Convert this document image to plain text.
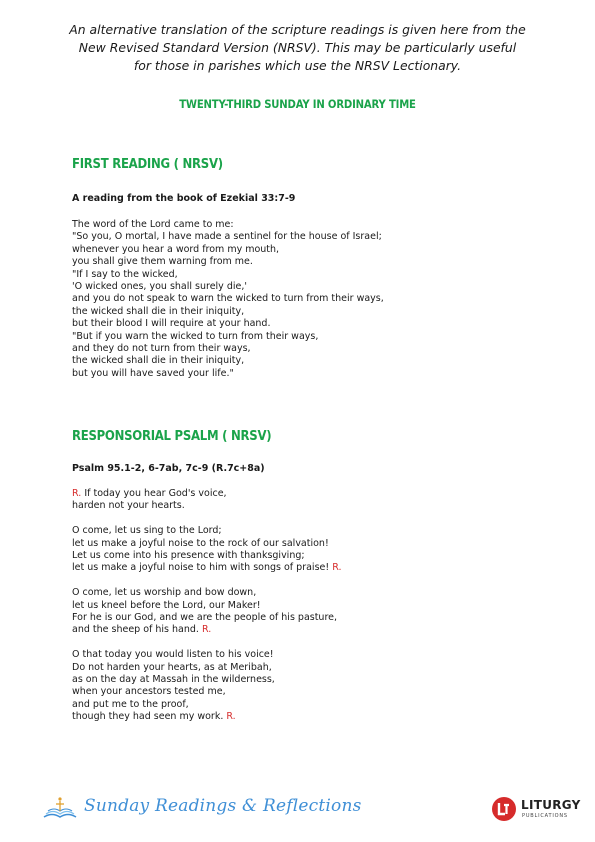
An alternative translation of the scripture readings is given here from the
New Revised Standard Version (NRSV). This may be particularly useful
for those in parishes which use the NRSV Lectionary.
TWENTY-THIRD SUNDAY IN ORDINARY TIME
FIRST READING ( NRSV)
A reading from the book of Ezekial 33:7-9
The word of the Lord came to me:
"So you, O mortal, I have made a sentinel for the house of Israel;
whenever you hear a word from my mouth,
you shall give them warning from me.
"If I say to the wicked,
'O wicked ones, you shall surely die,'
and you do not speak to warn the wicked to turn from their ways,
the wicked shall die in their iniquity,
but their blood I will require at your hand.
"But if you warn the wicked to turn from their ways,
and they do not turn from their ways,
the wicked shall die in their iniquity,
but you will have saved your life."
RESPONSORIAL PSALM ( NRSV)
Psalm 95.1-2, 6-7ab, 7c-9 (R.7c+8a)
R. If today you hear God's voice,
harden not your hearts.
O come, let us sing to the Lord;
let us make a joyful noise to the rock of our salvation!
Let us come into his presence with thanksgiving;
let us make a joyful noise to him with songs of praise! R.
O come, let us worship and bow down,
let us kneel before the Lord, our Maker!
For he is our God, and we are the people of his pasture,
and the sheep of his hand. R.
O that today you would listen to his voice!
Do not harden your hearts, as at Meribah,
as on the day at Massah in the wilderness,
when your ancestors tested me,
and put me to the proof,
though they had seen my work. R.
Sunday Readings & Reflections	LITURGY
PUBLICATIONS
